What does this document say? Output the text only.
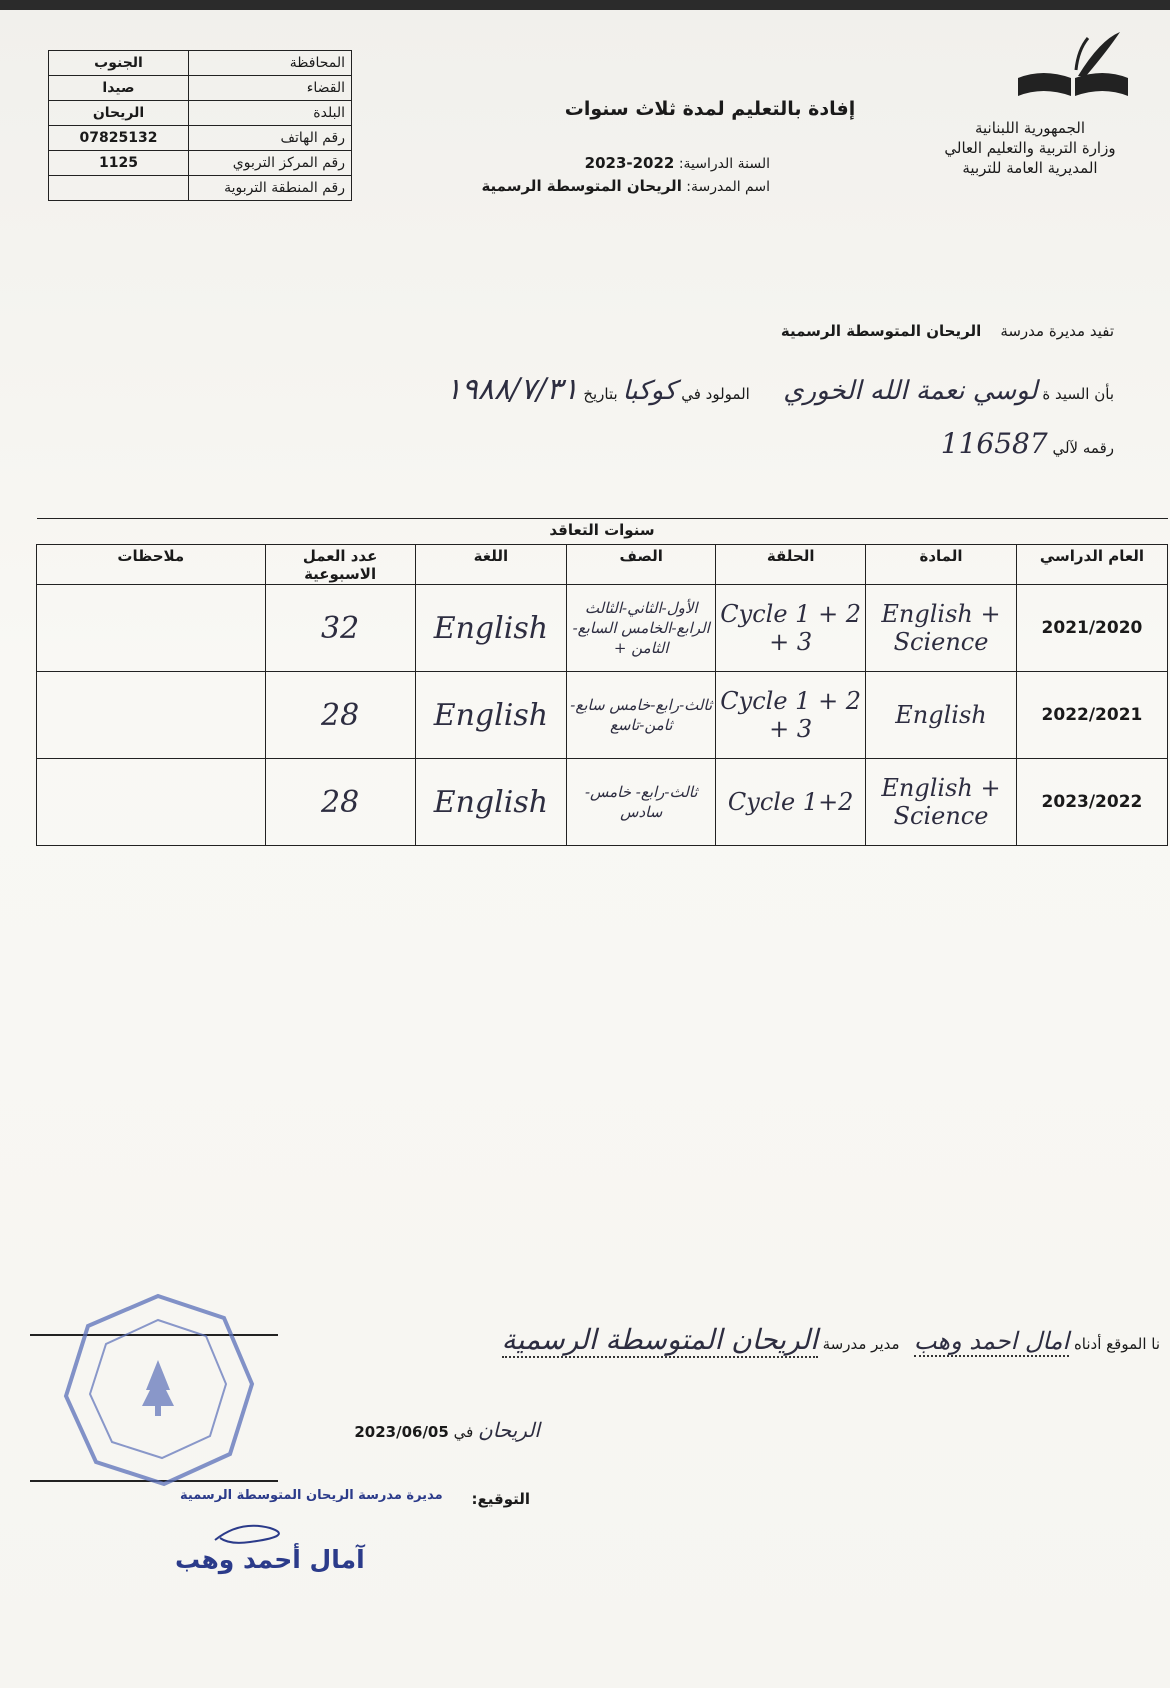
المحافظة	الجنوب
القضاء	صيدا
البلدة	الريحان
رقم الهاتف	07825132
رقم المركز التربوي	1125
رقم المنطقة التربوية	
الجمهورية اللبنانية
وزارة التربية والتعليم العالي
المديرية العامة للتربية
إفادة بالتعليم لمدة ثلاث سنوات
السنة الدراسية: 2022-2023
اسم المدرسة: الريحان المتوسطة الرسمية
تفيد مديرة مدرسة    الريحان المتوسطة الرسمية
بأن السيد ة لوسي نعمة الله الخوري       المولود في كوكبا بتاريخ ١٩٨٨/٧/٣١
رقمه لآلي 116587
سنوات التعاقد						
العام الدراسي	المادة	الحلقة	الصف	اللغة	عدد العمل الاسبوعية	ملاحظات
2021/2020	English + Science	Cycle 1 + 2 + 3	الأول-الثاني-الثالث الرابع-الخامس السابع-الثامن +	English	32	
2022/2021	English	Cycle 1 + 2 + 3	ثالث-رابع-خامس سابع-ثامن-تاسع	English	28	
2023/2022	English + Science	Cycle 1+2	ثالث-رابع- خامس-سادس	English	28	
نا الموقع أدناه امال احمد وهب   مدير مدرسة الريحان المتوسطة الرسمية
الريحان في 2023/06/05
التوقيع:
مديرة مدرسة الريحان المتوسطة الرسمية
آمال أحمد وهب
